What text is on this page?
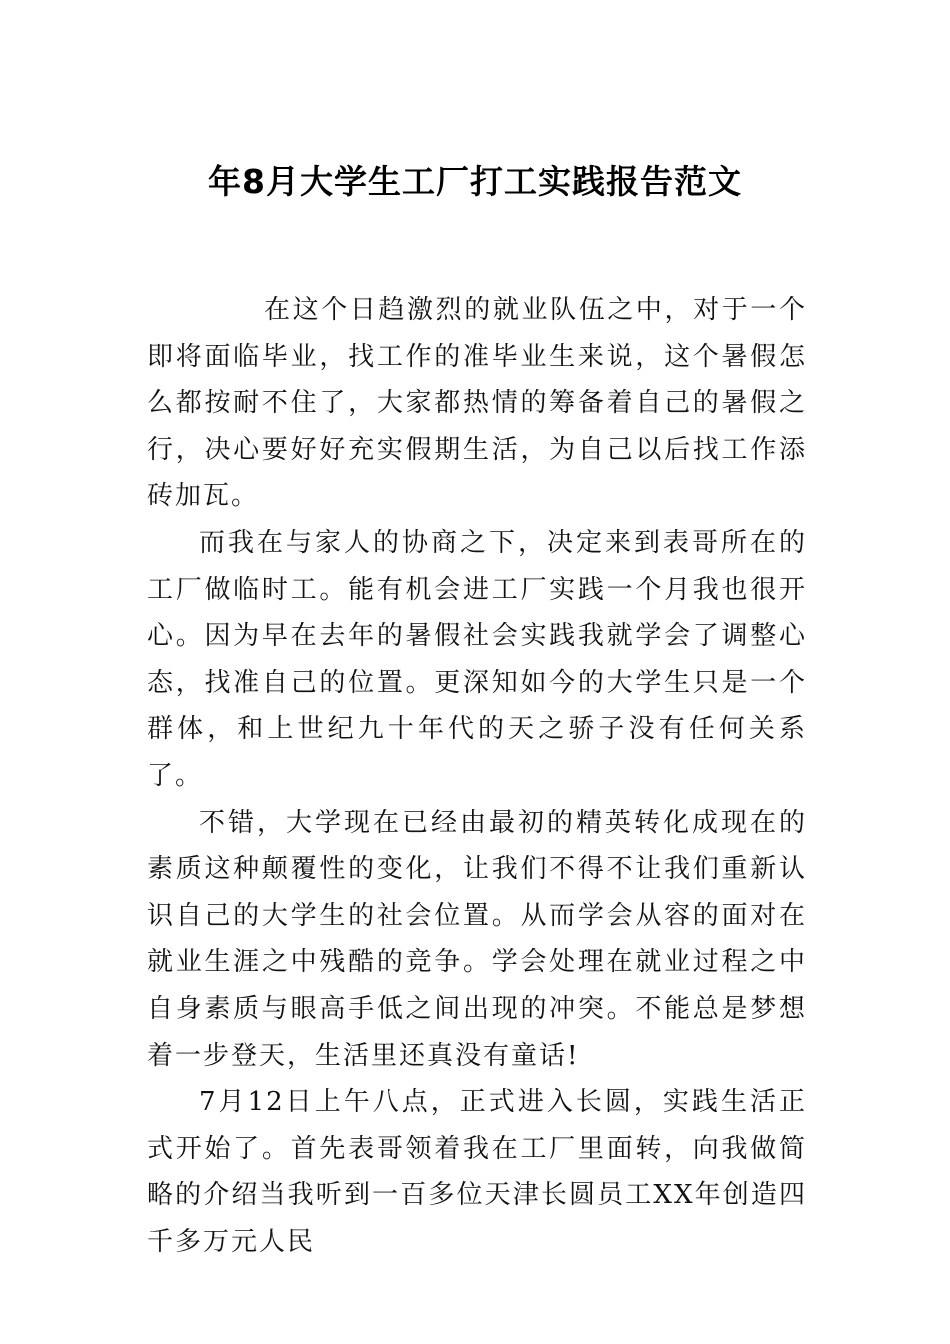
年8月大学生工厂打工实践报告范文

在这个日趋激烈的就业队伍之中，对于一个即将面临毕业，找工作的准毕业生来说，这个暑假怎么都按耐不住了，大家都热情的筹备着自己的暑假之行，决心要好好充实假期生活，为自己以后找工作添砖加瓦。

而我在与家人的协商之下，决定来到表哥所在的工厂做临时工。能有机会进工厂实践一个月我也很开心。因为早在去年的暑假社会实践我就学会了调整心态，找准自己的位置。更深知如今的大学生只是一个群体，和上世纪九十年代的天之骄子没有任何关系了。

不错，大学现在已经由最初的精英转化成现在的素质这种颠覆性的变化，让我们不得不让我们重新认识自己的大学生的社会位置。从而学会从容的面对在就业生涯之中残酷的竞争。学会处理在就业过程之中自身素质与眼高手低之间出现的冲突。不能总是梦想着一步登天，生活里还真没有童话!

7月12日上午八点，正式进入长圆，实践生活正式开始了。首先表哥领着我在工厂里面转，向我做简略的介绍当我听到一百多位天津长圆员工XX年创造四千多万元人民
